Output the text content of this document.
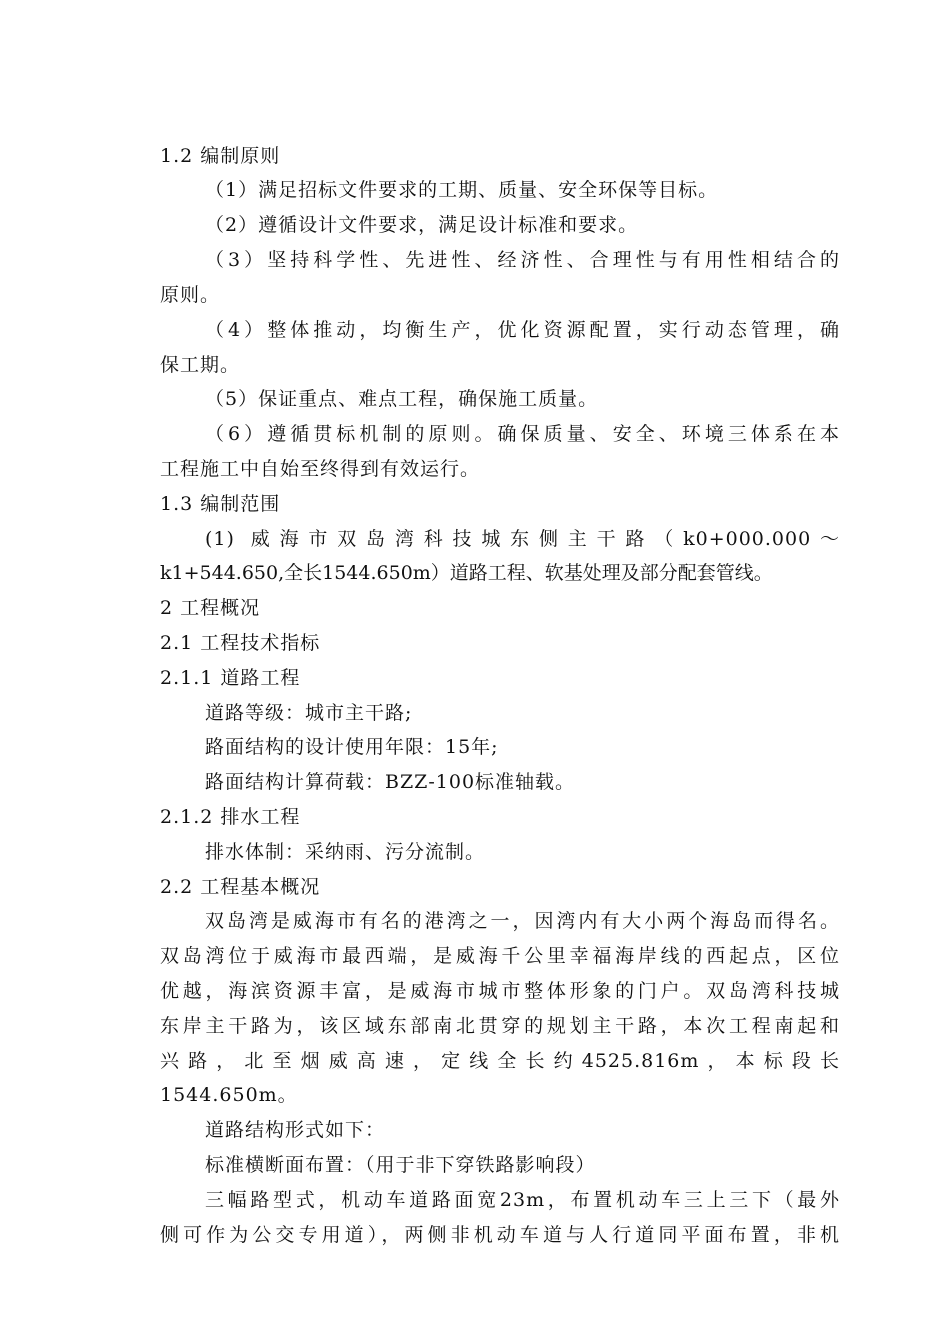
1.2 编制原则
（1）满足招标文件要求的工期、质量、安全环保等目标。
（2）遵循设计文件要求，满足设计标准和要求。
（3）坚持科学性、先进性、经济性、合理性与有用性相结合的
原则。
（4）整体推动，均衡生产，优化资源配置，实行动态管理，确
保工期。
（5）保证重点、难点工程，确保施工质量。
（6）遵循贯标机制的原则。确保质量、安全、环境三体系在本
工程施工中自始至终得到有效运行。
1.3 编制范围
(1) 威海市双岛湾科技城东侧主干路（k0+000.000～
k1+544.650,全长1544.650m）道路工程、软基处理及部分配套管线。
2 工程概况
2.1 工程技术指标
2.1.1 道路工程
道路等级：城市主干路;
路面结构的设计使用年限：15年;
路面结构计算荷载：BZZ-100标准轴载。
2.1.2 排水工程
排水体制：采纳雨、污分流制。
2.2 工程基本概况
双岛湾是威海市有名的港湾之一，因湾内有大小两个海岛而得名。
双岛湾位于威海市最西端，是威海千公里幸福海岸线的西起点，区位
优越，海滨资源丰富，是威海市城市整体形象的门户。双岛湾科技城
东岸主干路为，该区域东部南北贯穿的规划主干路，本次工程南起和
兴路，北至烟威高速，定线全长约4525.816m，本标段长
1544.650m。
道路结构形式如下：
标准横断面布置：（用于非下穿铁路影响段）
三幅路型式，机动车道路面宽23m，布置机动车三上三下（最外
侧可作为公交专用道），两侧非机动车道与人行道同平面布置，非机
